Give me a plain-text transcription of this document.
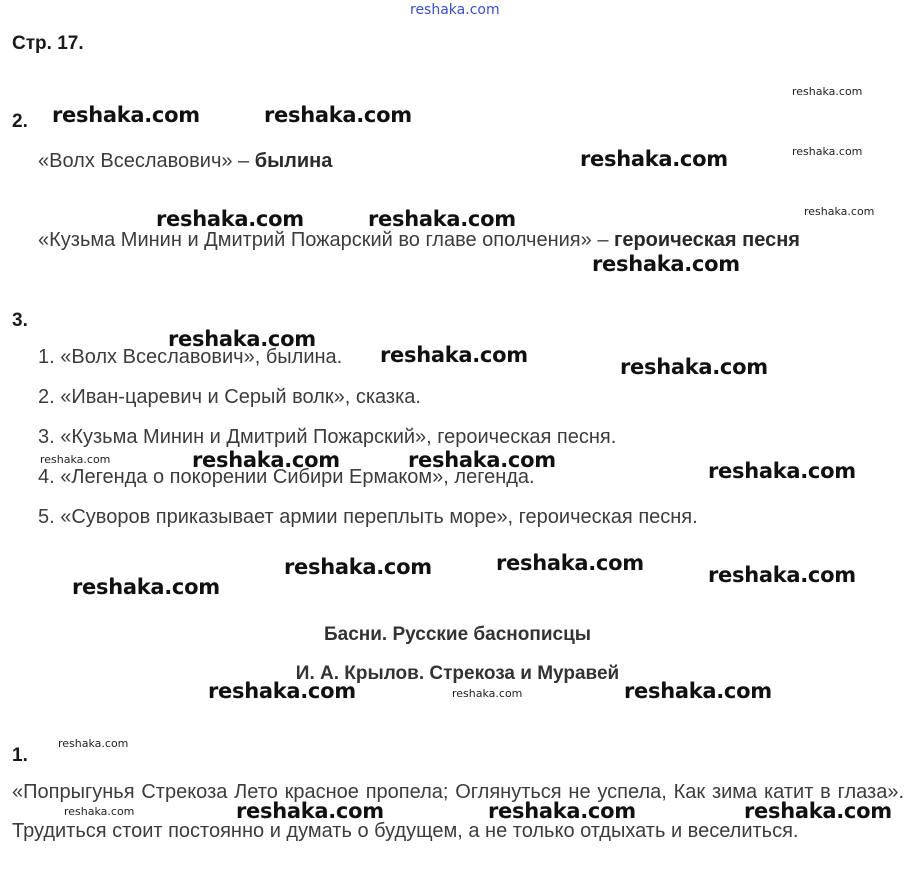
reshaka.com
Стр. 17.
2.
«Волх Всеславович» – былина
«Кузьма Минин и Дмитрий Пожарский во главе ополчения» – героическая песня
3.
1. «Волх Всеславович», былина.
2. «Иван-царевич и Серый волк», сказка.
3. «Кузьма Минин и Дмитрий Пожарский», героическая песня.
4. «Легенда о покорении Сибири Ермаком», легенда.
5. «Суворов приказывает армии переплыть море», героическая песня.
Басни. Русские баснописцы
И. А. Крылов. Стрекоза и Муравей
1.
«Попрыгунья Стрекоза Лето красное пропела; Оглянуться не успела, Как зима катит в глаза». Трудиться стоит постоянно и думать о будущем, а не только отдыхать и веселиться.
reshaka.com	reshaka.com
reshaka.com
reshaka.com	reshaka.com
reshaka.com
reshaka.com
reshaka.com	reshaka.com
reshaka.com	reshaka.com	reshaka.com
reshaka.com	reshaka.com
reshaka.com	reshaka.com
reshaka.com	reshaka.com
reshaka.com	reshaka.com	reshaka.com
reshaka.com
reshaka.com
reshaka.com
reshaka.com
reshaka.com
reshaka.com
reshaka.com
